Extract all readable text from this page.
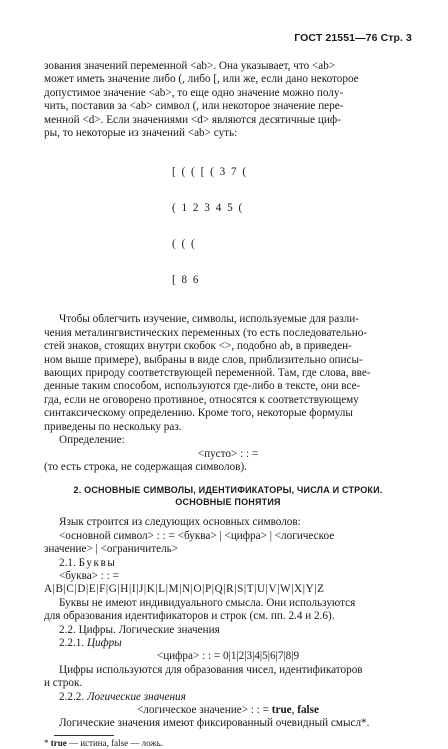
ГОСТ 21551—76 Стр. 3

зования значений переменной <ab>. Она указывает, что <ab>

может иметь значение либо (, либо [, или же, если дано некоторое

допустимое значение <ab>, то еще одно значение можно полу-

чить, поставив за <ab> символ (, или некоторое значение пере-

менной <d>. Если значениями <d> являются десятичные циф-

ры, то некоторые из значений <ab> суть:

[ ( ( [ ( 3 7 (

( 1 2 3 4 5 (

( ( (

[ 8 6

Чтобы облегчить изучение, символы, используемые для разли-

чения металингвистических переменных (то есть последовательно-

стей знаков, стоящих внутри скобок <>, подобно ab, в приведен-

ном выше примере), выбраны в виде слов, приблизительно описы-

вающих природу соответствующей переменной. Там, где слова, вве-

денные таким способом, используются где-либо в тексте, они все-

гда, если не оговорено противное, относятся к соответствующему

синтаксическому определению. Кроме того, некоторые формулы

приведены по нескольку раз.

Определение:

<пусто> : : =

(то есть строка, не содержащая символов).

2. ОСНОВНЫЕ СИМВОЛЫ, ИДЕНТИФИКАТОРЫ, ЧИСЛА И СТРОКИ.
ОСНОВНЫЕ ПОНЯТИЯ

Язык строится из следующих основных символов:

<основной символ> : : = <буква> | <цифра> | <логическое

значение> | <ограничитель>

2.1. Буквы

<буква> : : =

A|B|C|D|E|F|G|H|I|J|K|L|M|N|O|P|Q|R|S|T|U|V|W|X|Y|Z

Буквы не имеют индивидуального смысла. Они используются

для образования идентификаторов и строк (см. пп. 2.4 и 2.6).

2.2. Цифры. Логические значения

2.2.1. Цифры

<цифра> : : = 0|1|2|3|4|5|6|7|8|9

Цифры используются для образования чисел, идентификаторов

и строк.

2.2.2. Логические значения

<логическое значение> : : = true, false

Логические значения имеют фиксированный очевидный смысл*.

* true — истина, false — ложь.
